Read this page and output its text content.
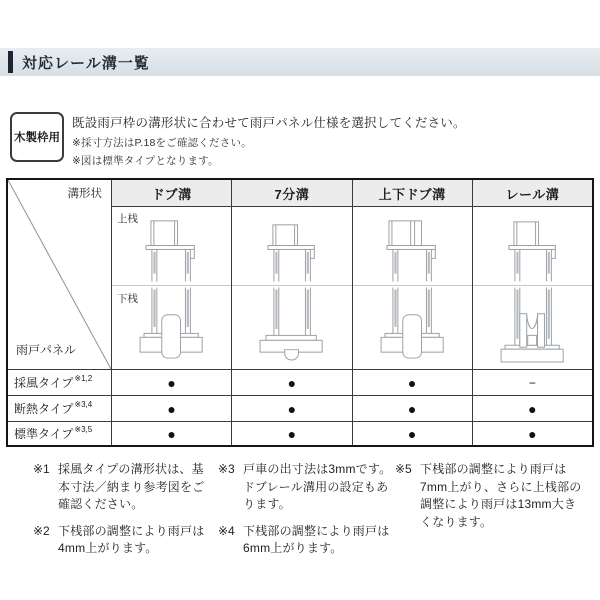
対応レール溝一覧
木製枠用
既設雨戸枠の溝形状に合わせて雨戸パネル仕様を選択してください。
※採寸方法はP.18をご確認ください。
※図は標準タイプとなります。
溝形状
雨戸パネル
ドブ溝	7分溝	上下ドブ溝	レール溝
上桟
下桟
採風タイプ ※1,2	●	●	●	−
断熱タイプ ※3,4	●	●	●	●
標準タイプ ※3,5	●	●	●	●
※1 採風タイプの溝形状は、基本寸法／納まり参考図をご確認ください。
※2 下桟部の調整により雨戸は4mm上がります。
※3 戸車の出寸法は3mmです。ドブレール溝用の設定もあります。
※4 下桟部の調整により雨戸は6mm上がります。
※5 下桟部の調整により雨戸は7mm上がり、さらに上桟部の調整により雨戸は13mm大きくなります。
